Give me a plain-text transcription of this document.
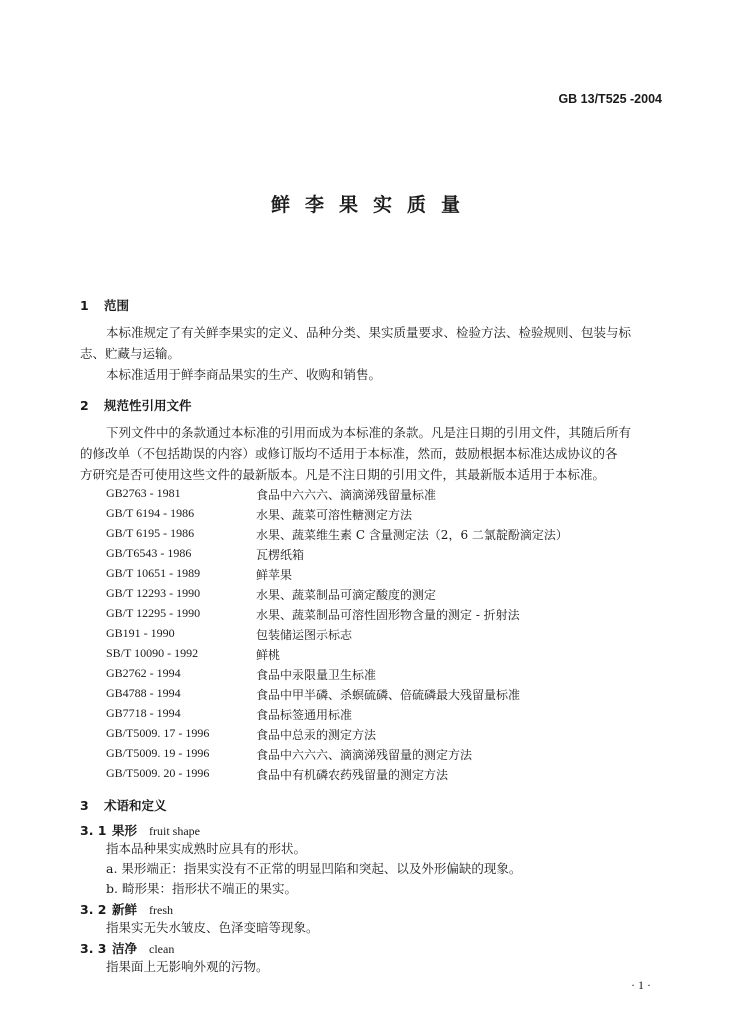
GB 13/T525 -2004
鲜李果实质量
1 范围
本标准规定了有关鲜李果实的定义、品种分类、果实质量要求、检验方法、检验规则、包装与标
志、贮藏与运输。
本标准适用于鲜李商品果实的生产、收购和销售。
2 规范性引用文件
下列文件中的条款通过本标准的引用而成为本标准的条款。凡是注日期的引用文件，其随后所有
的修改单（不包括勘误的内容）或修订版均不适用于本标准，然而，鼓励根据本标准达成协议的各
方研究是否可使用这些文件的最新版本。凡是不注日期的引用文件，其最新版本适用于本标准。
GB2763 - 1981	食品中六六六、滴滴涕残留量标准
GB/T 6194 - 1986	水果、蔬菜可溶性糖测定方法
GB/T 6195 - 1986	水果、蔬菜维生素 C 含量测定法（2，6 二氯靛酚滴定法）
GB/T6543 - 1986	瓦楞纸箱
GB/T 10651 - 1989	鲜苹果
GB/T 12293 - 1990	水果、蔬菜制品可滴定酸度的测定
GB/T 12295 - 1990	水果、蔬菜制品可溶性固形物含量的测定 - 折射法
GB191 - 1990	包装储运图示标志
SB/T 10090 - 1992	鲜桃
GB2762 - 1994	食品中汞限量卫生标准
GB4788 - 1994	食品中甲半磷、杀螟硫磷、倍硫磷最大残留量标准
GB7718 - 1994	食品标签通用标准
GB/T5009. 17 - 1996	食品中总汞的测定方法
GB/T5009. 19 - 1996	食品中六六六、滴滴涕残留量的测定方法
GB/T5009. 20 - 1996	食品中有机磷农药残留量的测定方法
3 术语和定义
3. 1 果形 fruit shape
指本品种果实成熟时应具有的形状。
a. 果形端正：指果实没有不正常的明显凹陷和突起、以及外形偏缺的现象。
b. 畸形果：指形状不端正的果实。
3. 2 新鲜 fresh
指果实无失水皱皮、色泽变暗等现象。
3. 3 洁净 clean
指果面上无影响外观的污物。
· 1 ·
